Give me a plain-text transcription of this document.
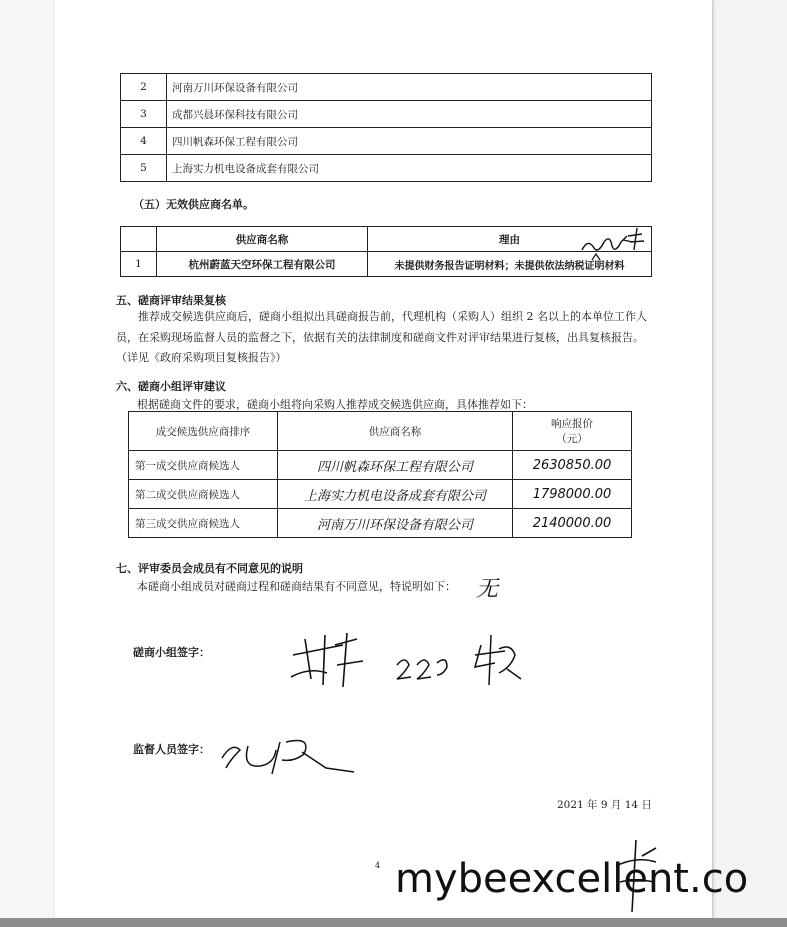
2	河南万川环保设备有限公司
3	成都兴晨环保科技有限公司
4	四川帆森环保工程有限公司
5	上海实力机电设备成套有限公司
（五）无效供应商名单。
	供应商名称	理由
1	杭州蔚蓝天空环保工程有限公司	未提供财务报告证明材料；未提供依法纳税证明材料
五、磋商评审结果复核
推荐成交候选供应商后，磋商小组拟出具磋商报告前，代理机构（采购人）组织 2 名以上的本单位工作人员，在采购现场监督人员的监督之下，依据有关的法律制度和磋商文件对评审结果进行复核，出具复核报告。（详见《政府采购项目复核报告》）
六、磋商小组评审建议
根据磋商文件的要求，磋商小组将向采购人推荐成交候选供应商，具体推荐如下：
成交候选供应商排序	供应商名称	响应报价
（元）

第一成交供应商候选人	四川帆森环保工程有限公司	2630850.00
第二成交供应商候选人	上海实力机电设备成套有限公司	1798000.00
第三成交供应商候选人	河南万川环保设备有限公司	2140000.00
七、评审委员会成员有不同意见的说明
本磋商小组成员对磋商过程和磋商结果有不同意见，特说明如下： 无
磋商小组签字：
监督人员签字：
2021 年 9 月 14 日
4 mybeexcellent.co
